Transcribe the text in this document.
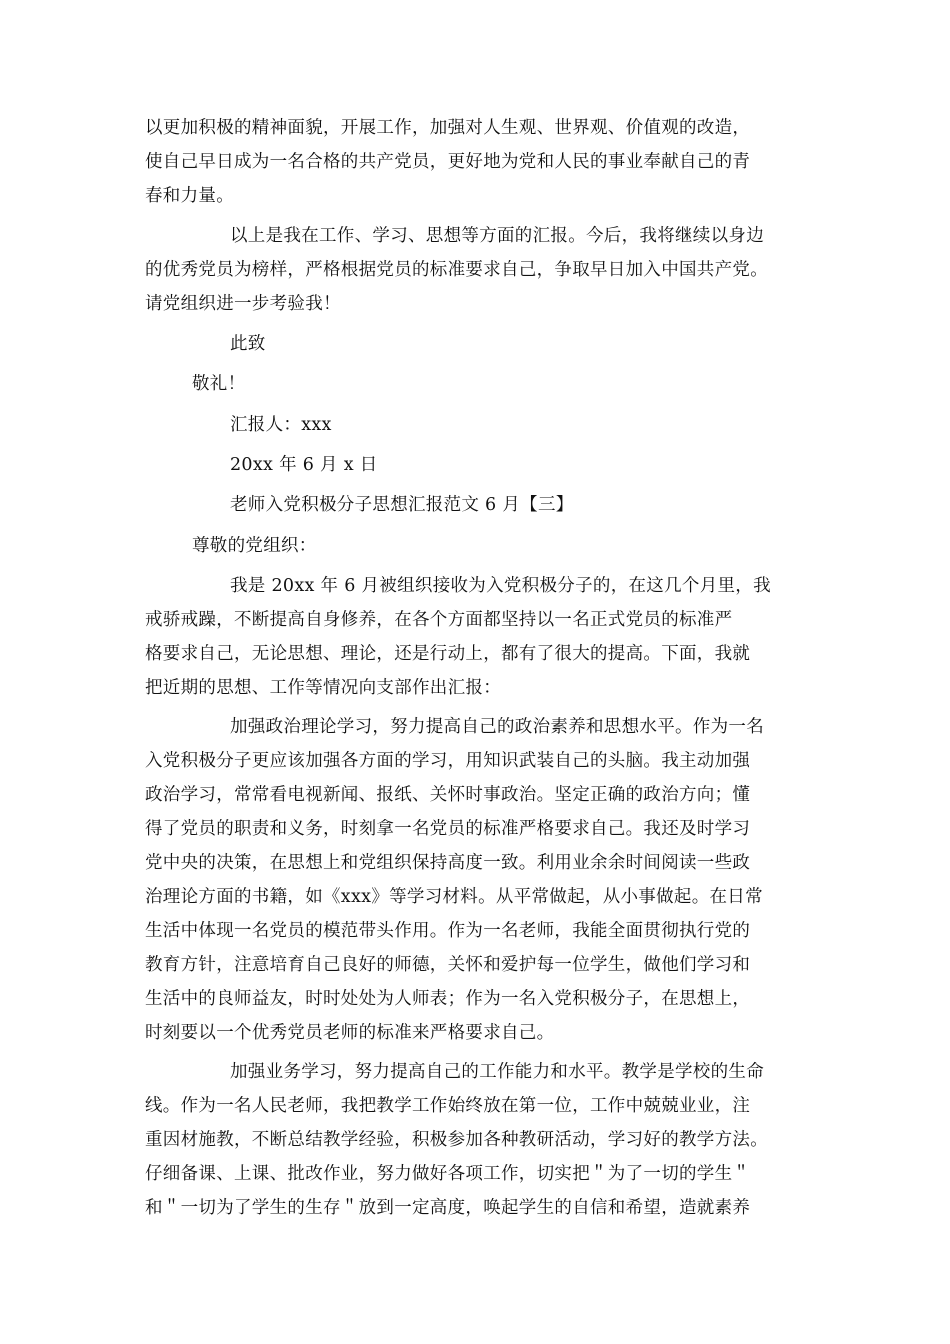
以更加积极的精神面貌，开展工作，加强对人生观、世界观、价值观的改造，
使自己早日成为一名合格的共产党员，更好地为党和人民的事业奉献自己的青
春和力量。
以上是我在工作、学习、思想等方面的汇报。今后，我将继续以身边
的优秀党员为榜样，严格根据党员的标准要求自己，争取早日加入中国共产党。
请党组织进一步考验我！
此致
敬礼！
汇报人：xxx
20xx 年 6 月 x 日
老师入党积极分子思想汇报范文 6 月【三】
尊敬的党组织：
我是 20xx 年 6 月被组织接收为入党积极分子的，在这几个月里，我
戒骄戒躁，不断提高自身修养，在各个方面都坚持以一名正式党员的标准严
格要求自己，无论思想、理论，还是行动上，都有了很大的提高。下面，我就
把近期的思想、工作等情况向支部作出汇报：
加强政治理论学习，努力提高自己的政治素养和思想水平。作为一名
入党积极分子更应该加强各方面的学习，用知识武装自己的头脑。我主动加强
政治学习，常常看电视新闻、报纸、关怀时事政治。坚定正确的政治方向；懂
得了党员的职责和义务，时刻拿一名党员的标准严格要求自己。我还及时学习
党中央的决策，在思想上和党组织保持高度一致。利用业余余时间阅读一些政
治理论方面的书籍，如《xxx》等学习材料。从平常做起，从小事做起。在日常
生活中体现一名党员的模范带头作用。作为一名老师，我能全面贯彻执行党的
教育方针，注意培育自己良好的师德，关怀和爱护每一位学生，做他们学习和
生活中的良师益友，时时处处为人师表；作为一名入党积极分子，在思想上，
时刻要以一个优秀党员老师的标准来严格要求自己。
加强业务学习，努力提高自己的工作能力和水平。教学是学校的生命
线。作为一名人民老师，我把教学工作始终放在第一位，工作中兢兢业业，注
重因材施教，不断总结教学经验，积极参加各种教研活动，学习好的教学方法。
仔细备课、上课、批改作业，努力做好各项工作，切实把＂为了一切的学生＂
和＂一切为了学生的生存＂放到一定高度，唤起学生的自信和希望，造就素养
